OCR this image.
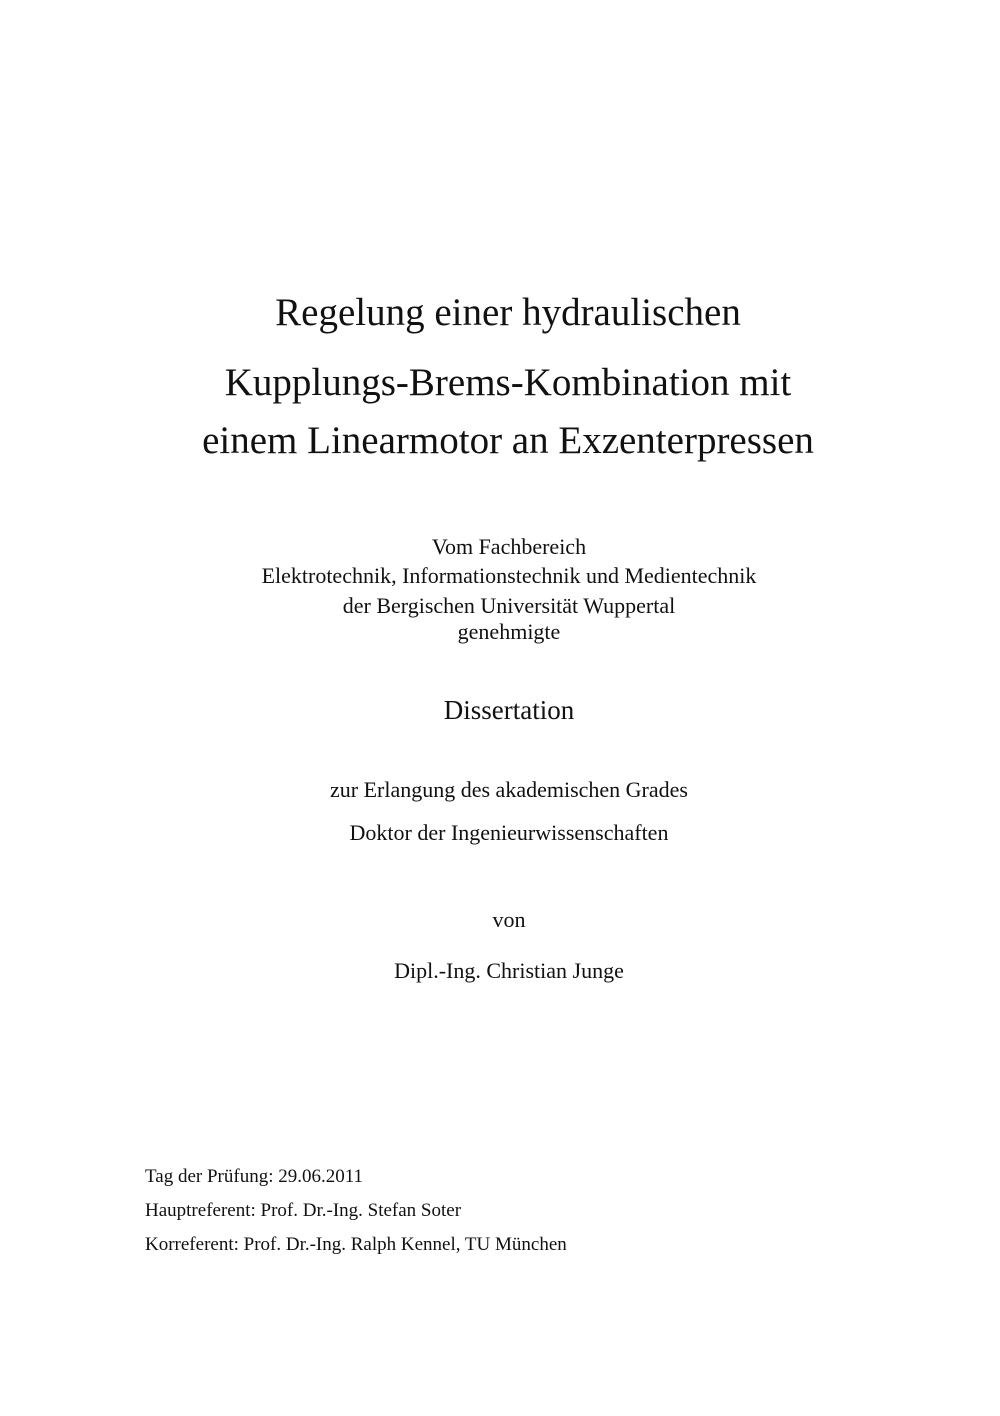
Regelung einer hydraulischen
Kupplungs-Brems-Kombination mit
einem Linearmotor an Exzenterpressen
Vom Fachbereich
Elektrotechnik, Informationstechnik und Medientechnik
der Bergischen Universität Wuppertal
genehmigte
Dissertation
zur Erlangung des akademischen Grades
Doktor der Ingenieurwissenschaften
von
Dipl.-Ing. Christian Junge
Tag der Prüfung: 29.06.2011
Hauptreferent: Prof. Dr.-Ing. Stefan Soter
Korreferent: Prof. Dr.-Ing. Ralph Kennel, TU München
